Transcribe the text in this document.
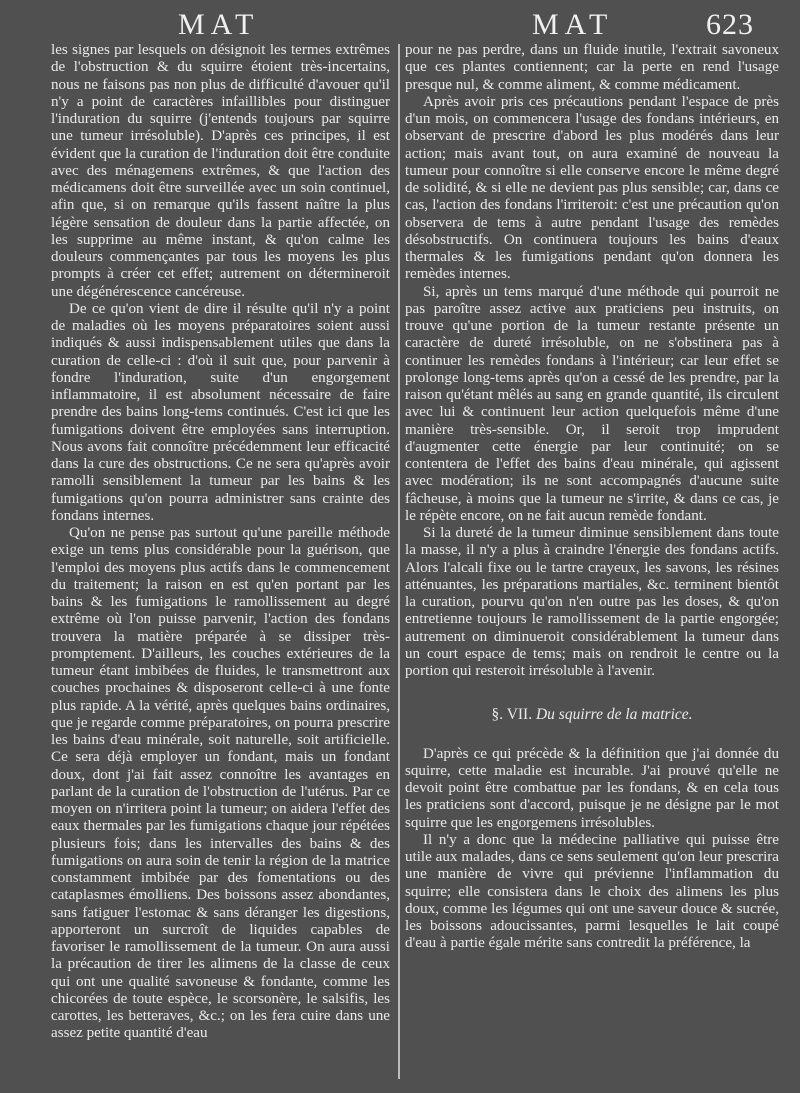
MAT	MAT	623

les signes par lesquels on désignoit les termes extrêmes de l'obstruction & du squirre étoient très-incertains, nous ne faisons pas non plus de difficulté d'avouer qu'il n'y a point de caractères infaillibles pour distinguer l'induration du squirre (j'entends toujours par squirre une tumeur irrésoluble). D'après ces principes, il est évident que la curation de l'induration doit être conduite avec des ménagemens extrêmes, & que l'action des médicamens doit être surveillée avec un soin continuel, afin que, si on remarque qu'ils fassent naître la plus légère sensation de douleur dans la partie affectée, on les supprime au même instant, & qu'on calme les douleurs commençantes par tous les moyens les plus prompts à créer cet effet; autrement on détermineroit une dégénérescence cancéreuse.

De ce qu'on vient de dire il résulte qu'il n'y a point de maladies où les moyens préparatoires soient aussi indiqués & aussi indispensablement utiles que dans la curation de celle-ci : d'où il suit que, pour parvenir à fondre l'induration, suite d'un engorgement inflammatoire, il est absolument nécessaire de faire prendre des bains long-tems continués. C'est ici que les fumigations doivent être employées sans interruption. Nous avons fait connoître précédemment leur efficacité dans la cure des obstructions. Ce ne sera qu'après avoir ramolli sensiblement la tumeur par les bains & les fumigations qu'on pourra administrer sans crainte des fondans internes.

Qu'on ne pense pas surtout qu'une pareille méthode exige un tems plus considérable pour la guérison, que l'emploi des moyens plus actifs dans le commencement du traitement; la raison en est qu'en portant par les bains & les fumigations le ramollissement au degré extrême où l'on puisse parvenir, l'action des fondans trouvera la matière préparée à se dissiper très-promptement. D'ailleurs, les couches extérieures de la tumeur étant imbibées de fluides, le transmettront aux couches prochaines & disposeront celle-ci à une fonte plus rapide. A la vérité, après quelques bains ordinaires, que je regarde comme préparatoires, on pourra prescrire les bains d'eau minérale, soit naturelle, soit artificielle. Ce sera déjà employer un fondant, mais un fondant doux, dont j'ai fait assez connoître les avantages en parlant de la curation de l'obstruction de l'utérus. Par ce moyen on n'irritera point la tumeur; on aidera l'effet des eaux thermales par les fumigations chaque jour répétées plusieurs fois; dans les intervalles des bains & des fumigations on aura soin de tenir la région de la matrice constamment imbibée par des fomentations ou des cataplasmes émolliens. Des boissons assez abondantes, sans fatiguer l'estomac & sans déranger les digestions, apporteront un surcroît de liquides capables de favoriser le ramollissement de la tumeur. On aura aussi la précaution de tirer les alimens de la classe de ceux qui ont une qualité savoneuse & fondante, comme les chicorées de toute espèce, le scorsonère, le salsifis, les carottes, les betteraves, &c.; on les fera cuire dans une assez petite quantité d'eau

pour ne pas perdre, dans un fluide inutile, l'extrait savoneux que ces plantes contiennent; car la perte en rend l'usage presque nul, & comme aliment, & comme médicament.

Après avoir pris ces précautions pendant l'espace de près d'un mois, on commencera l'usage des fondans intérieurs, en observant de prescrire d'abord les plus modérés dans leur action; mais avant tout, on aura examiné de nouveau la tumeur pour connoître si elle conserve encore le même degré de solidité, & si elle ne devient pas plus sensible; car, dans ce cas, l'action des fondans l'irriteroit: c'est une précaution qu'on observera de tems à autre pendant l'usage des remèdes désobstructifs. On continuera toujours les bains d'eaux thermales & les fumigations pendant qu'on donnera les remèdes internes.

Si, après un tems marqué d'une méthode qui pourroit ne pas paroître assez active aux praticiens peu instruits, on trouve qu'une portion de la tumeur restante présente un caractère de dureté irrésoluble, on ne s'obstinera pas à continuer les remèdes fondans à l'intérieur; car leur effet se prolonge long-tems après qu'on a cessé de les prendre, par la raison qu'étant mêlés au sang en grande quantité, ils circulent avec lui & continuent leur action quelquefois même d'une manière très-sensible. Or, il seroit trop imprudent d'augmenter cette énergie par leur continuité; on se contentera de l'effet des bains d'eau minérale, qui agissent avec modération; ils ne sont accompagnés d'aucune suite fâcheuse, à moins que la tumeur ne s'irrite, & dans ce cas, je le répète encore, on ne fait aucun remède fondant.

Si la dureté de la tumeur diminue sensiblement dans toute la masse, il n'y a plus à craindre l'énergie des fondans actifs. Alors l'alcali fixe ou le tartre crayeux, les savons, les résines atténuantes, les préparations martiales, &c. terminent bientôt la curation, pourvu qu'on n'en outre pas les doses, & qu'on entretienne toujours le ramollissement de la partie engorgée; autrement on diminueroit considérablement la tumeur dans un court espace de tems; mais on rendroit le centre ou la portion qui resteroit irrésoluble à l'avenir.

§. VII. Du squirre de la matrice.

D'après ce qui précède & la définition que j'ai donnée du squirre, cette maladie est incurable. J'ai prouvé qu'elle ne devoit point être combattue par les fondans, & en cela tous les praticiens sont d'accord, puisque je ne désigne par le mot squirre que les engorgemens irrésolubles.

Il n'y a donc que la médecine palliative qui puisse être utile aux malades, dans ce sens seulement qu'on leur prescrira une manière de vivre qui prévienne l'inflammation du squirre; elle consistera dans le choix des alimens les plus doux, comme les légumes qui ont une saveur douce & sucrée, les boissons adoucissantes, parmi lesquelles le lait coupé d'eau à partie égale mérite sans contredit la préférence, la
